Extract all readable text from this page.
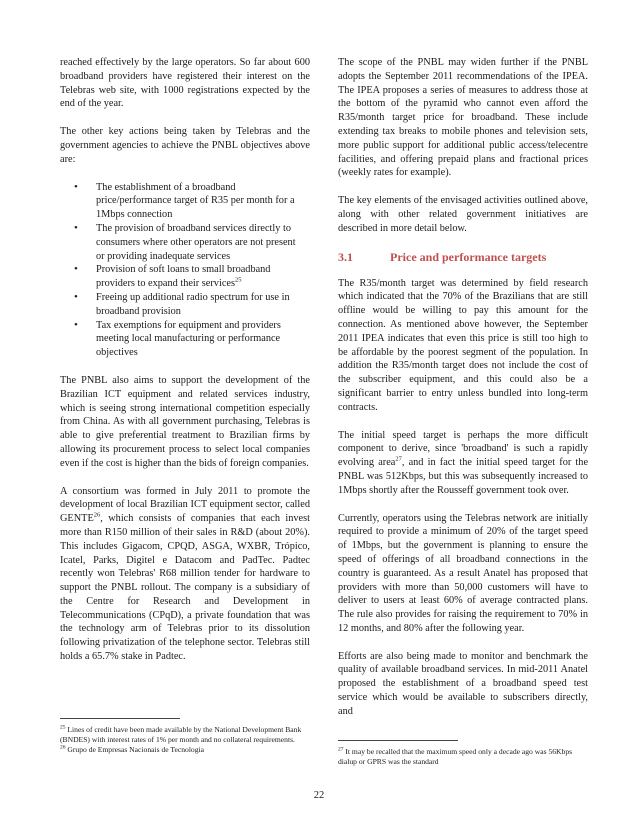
reached effectively by the large operators. So far about 600 broadband providers have registered their interest on the Telebras web site, with 1000 registrations expected by the end of the year.

The other key actions being taken by Telebras and the government agencies to achieve the PNBL objectives above are:

• The establishment of a broadband price/performance target of R35 per month for a 1Mbps connection
• The provision of broadband services directly to consumers where other operators are not present or providing inadequate services
• Provision of soft loans to small broadband providers to expand their services$^{25}$
• Freeing up additional radio spectrum for use in broadband provision
• Tax exemptions for equipment and providers meeting local manufacturing or performance objectives

The PNBL also aims to support the development of the Brazilian ICT equipment and related services industry, which is seeing strong international competition especially from China. As with all government purchasing, Telebras is able to give preferential treatment to Brazilian firms by allowing its procurement process to select local companies even if the cost is higher than the bids of foreign companies.

A consortium was formed in July 2011 to promote the development of local Brazilian ICT equipment sector, called GENTE$^{26}$, which consists of companies that each invest more than R150 million of their sales in R&D (about 20%). This includes Gigacom, CPQD, ASGA, WXBR, Trópico, Icatel, Parks, Digitel e Datacom and PadTec. Padtec recently won Telebras' R68 million tender for hardware to support the PNBL rollout. The company is a subsidiary of the Centre for Research and Development in Telecommunications (CPqD), a private foundation that was the technology arm of Telebras prior to its dissolution following privatization of the telephone sector. Telebras still holds a 65.7% stake in Padtec.

The scope of the PNBL may widen further if the PNBL adopts the September 2011 recommendations of the IPEA. The IPEA proposes a series of measures to address those at the bottom of the pyramid who cannot even afford the R35/month target price for broadband. These include extending tax breaks to mobile phones and television sets, more public support for additional public access/telecentre facilities, and offering prepaid plans and fractional prices (weekly rates for example).

The key elements of the envisaged activities outlined above, along with other related government initiatives are described in more detail below.

3.1	Price and performance targets

The R35/month target was determined by field research which indicated that the 70% of the Brazilians that are still offline would be willing to pay this amount for the connection. As mentioned above however, the September 2011 IPEA indicates that even this price is still too high to be affordable by the poorest segment of the population. In addition the R35/month target does not include the cost of the subscriber equipment, and this could also be a significant barrier to entry unless bundled into long-term contracts.

The initial speed target is perhaps the more difficult component to derive, since 'broadband' is such a rapidly evolving area$^{27}$, and in fact the initial speed target for the PNBL was 512Kbps, but this was subsequently increased to 1Mbps shortly after the Rousseff government took over.

Currently, operators using the Telebras network are initially required to provide a minimum of 20% of the target speed of 1Mbps, but the government is planning to ensure the speed of offerings of all broadband connections in the country is guaranteed. As a result Anatel has proposed that providers with more than 50,000 customers will have to deliver to users at least 60% of average contracted plans. The rule also provides for raising the requirement to 70% in 12 months, and 80% after the following year.

Efforts are also being made to monitor and benchmark the quality of available broadband services. In mid-2011 Anatel proposed the establishment of a broadband speed test service which would be available to subscribers directly, and

$^{25}$ Lines of credit have been made available by the National Development Bank (BNDES) with interest rates of 1% per month and no collateral requirements.

$^{26}$ Grupo de Empresas Nacionais de Tecnologia	$^{27}$ It may be recalled that the maximum speed only a decade ago was 56Kbps dialup or GPRS was the standard

22
